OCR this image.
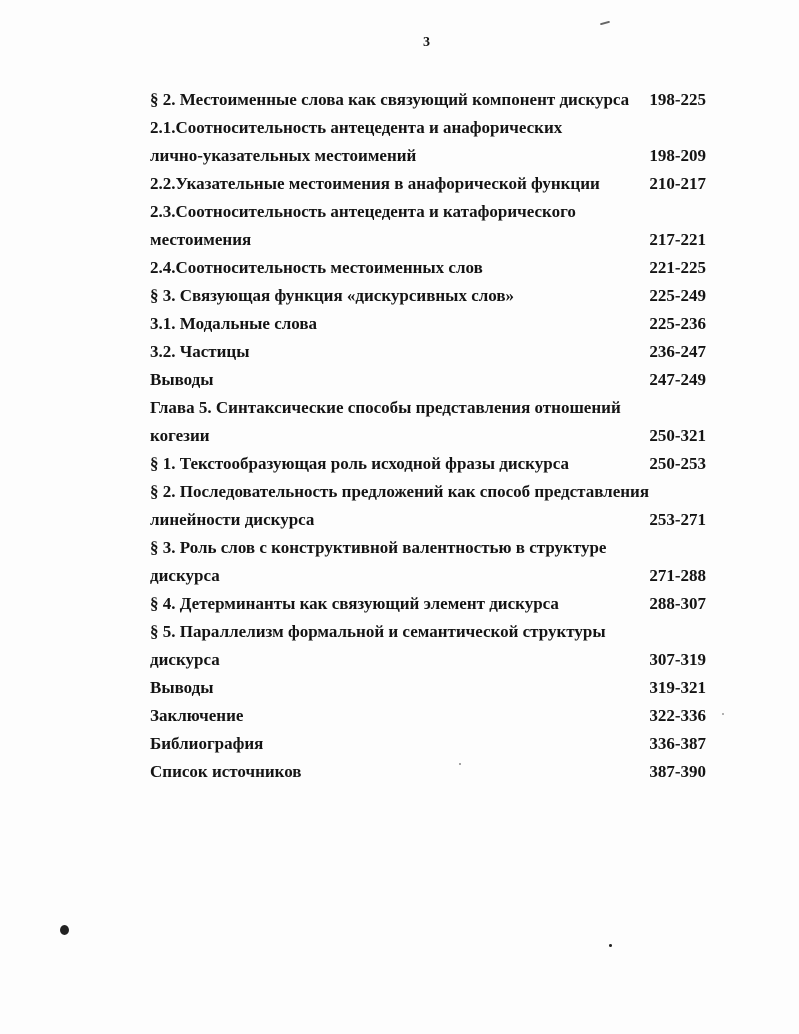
3
§ 2. Местоименные слова как связующий компонент дискурса 198-225
2.1.Соотносительность антецедента и анафорических
лично-указательных местоимений	198-209
2.2.Указательные местоимения в анафорической функции	210-217
2.3.Соотносительность антецедента и катафорического
местоимения	217-221
2.4.Соотносительность местоименных слов	221-225
§ 3. Связующая функция «дискурсивных слов»	225-249
3.1. Модальные слова	225-236
3.2. Частицы	236-247
Выводы	247-249
Глава 5. Синтаксические способы представления отношений
когезии	250-321
§ 1. Текстообразующая роль исходной фразы дискурса	250-253
§ 2. Последовательность предложений как способ представления
линейности дискурса	253-271
§ 3. Роль слов с конструктивной валентностью в структуре
дискурса	271-288
§ 4. Детерминанты как связующий элемент дискурса	288-307
§ 5. Параллелизм формальной и семантической структуры
дискурса	307-319
Выводы	319-321
Заключение	322-336
Библиография	336-387
Список источников	387-390
